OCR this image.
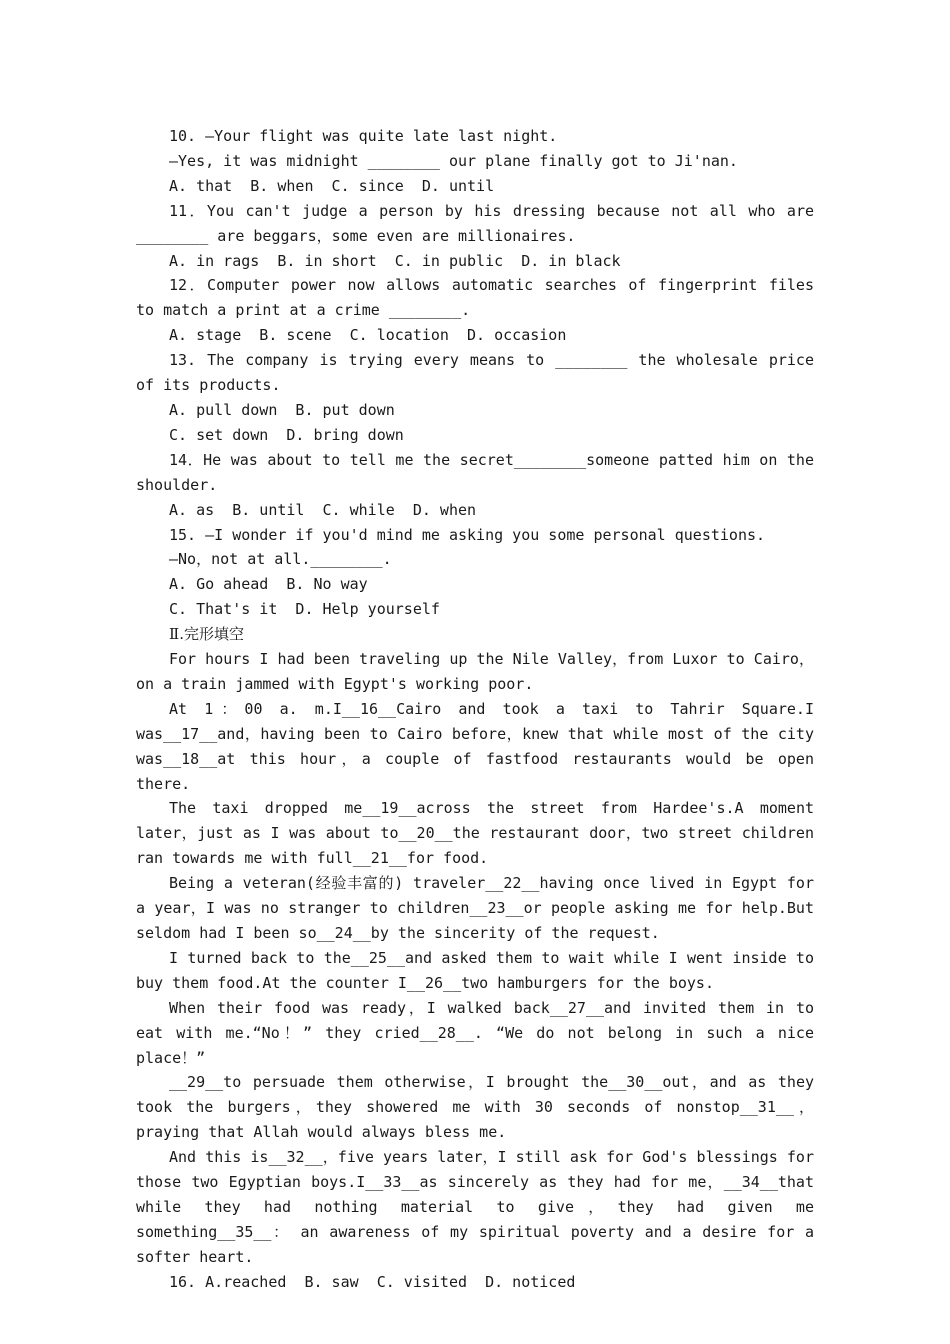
10. —Your flight was quite late last night.

—Yes, it was midnight ________ our plane finally got to Ji'nan.

A. that  B. when  C. since  D. until

11．You can't judge a person by his dressing because not all who are ________ are beggars，some even are millionaires.

A. in rags  B. in short  C. in public  D. in black

12．Computer power now allows automatic searches of fingerprint files to match a print at a crime ________.

A. stage  B. scene  C. location  D. occasion

13. The company is trying every means to ________ the wholesale price of its products.

A. pull down  B. put down

C. set down  D. bring down

14．He was about to tell me the secret________someone patted him on the shoulder.

A. as  B. until  C. while  D. when

15. —I wonder if you'd mind me asking you some personal questions.

—No，not at all.________.

A. Go ahead  B. No way

C. That's it  D. Help yourself

Ⅱ.完形填空

For hours I had been traveling up the Nile Valley，from Luxor to Cairo，on a train jammed with Egypt's working poor.

At 1：00 a. m.I__16__Cairo and took a taxi to Tahrir Square.I was__17__and，having been to Cairo before，knew that while most of the city was__18__at this hour，a couple of fastfood restaurants would be open there.

The taxi dropped me__19__across the street from Hardee's.A moment later，just as I was about to__20__the restaurant door，two street children ran towards me with full__21__for food.

Being a veteran(经验丰富的) traveler__22__having once lived in Egypt for a year，I was no stranger to children__23__or people asking me for help.But seldom had I been so__24__by the sincerity of the request.

I turned back to the__25__and asked them to wait while I went inside to buy them food.At the counter I__26__two hamburgers for the boys.

When their food was ready，I walked back__27__and invited them in to eat with me.“No！” they cried__28__. “We do not belong in such a nice place！”

__29__to persuade them otherwise，I brought the__30__out，and as they took the burgers，they showered me with 30 seconds of nonstop__31__，praying that Allah would always bless me.

And this is__32__，five years later，I still ask for God's blessings for those two Egyptian boys.I__33__as sincerely as they had for me，__34__that while they had nothing material to give，they had given me something__35__： an awareness of my spiritual poverty and a desire for a softer heart.

16. A.reached  B. saw  C. visited  D. noticed
